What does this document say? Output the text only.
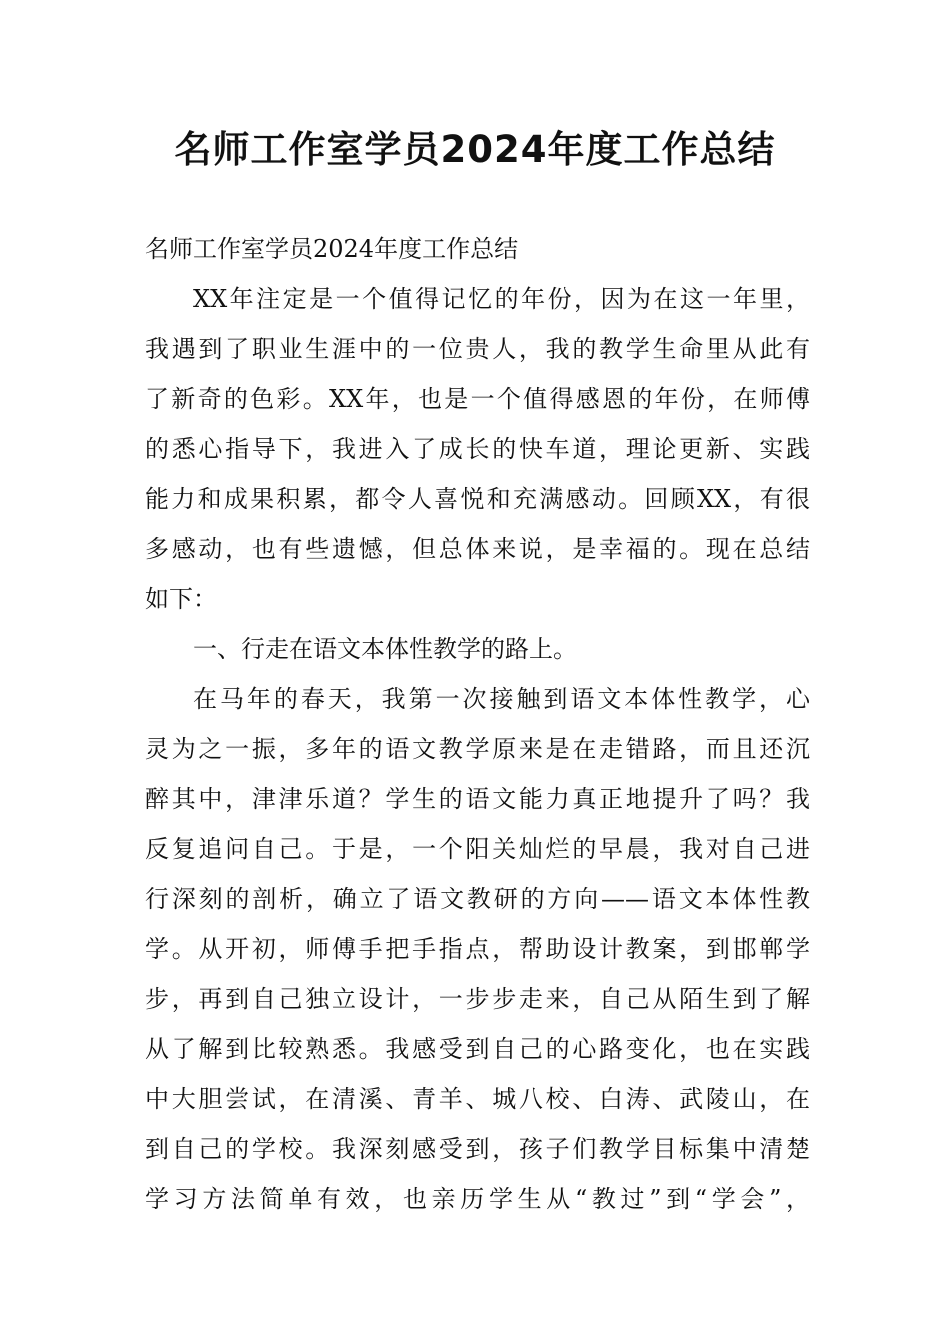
名师工作室学员2024年度工作总结

名师工作室学员2024年度工作总结

XX年注定是一个值得记忆的年份，因为在这一年里，

我遇到了职业生涯中的一位贵人，我的教学生命里从此有

了新奇的色彩。XX年，也是一个值得感恩的年份，在师傅

的悉心指导下，我进入了成长的快车道，理论更新、实践

能力和成果积累，都令人喜悦和充满感动。回顾XX，有很

多感动，也有些遗憾，但总体来说，是幸福的。现在总结

如下：

一、行走在语文本体性教学的路上。

在马年的春天，我第一次接触到语文本体性教学，心

灵为之一振，多年的语文教学原来是在走错路，而且还沉

醉其中，津津乐道？学生的语文能力真正地提升了吗？我

反复追问自己。于是，一个阳关灿烂的早晨，我对自己进

行深刻的剖析，确立了语文教研的方向——语文本体性教

学。从开初，师傅手把手指点，帮助设计教案，到邯郸学

步，再到自己独立设计，一步步走来，自己从陌生到了解

从了解到比较熟悉。我感受到自己的心路变化，也在实践

中大胆尝试，在清溪、青羊、城八校、白涛、武陵山，在

到自己的学校。我深刻感受到，孩子们教学目标集中清楚

学习方法简单有效，也亲历学生从“教过”到“学会”，
